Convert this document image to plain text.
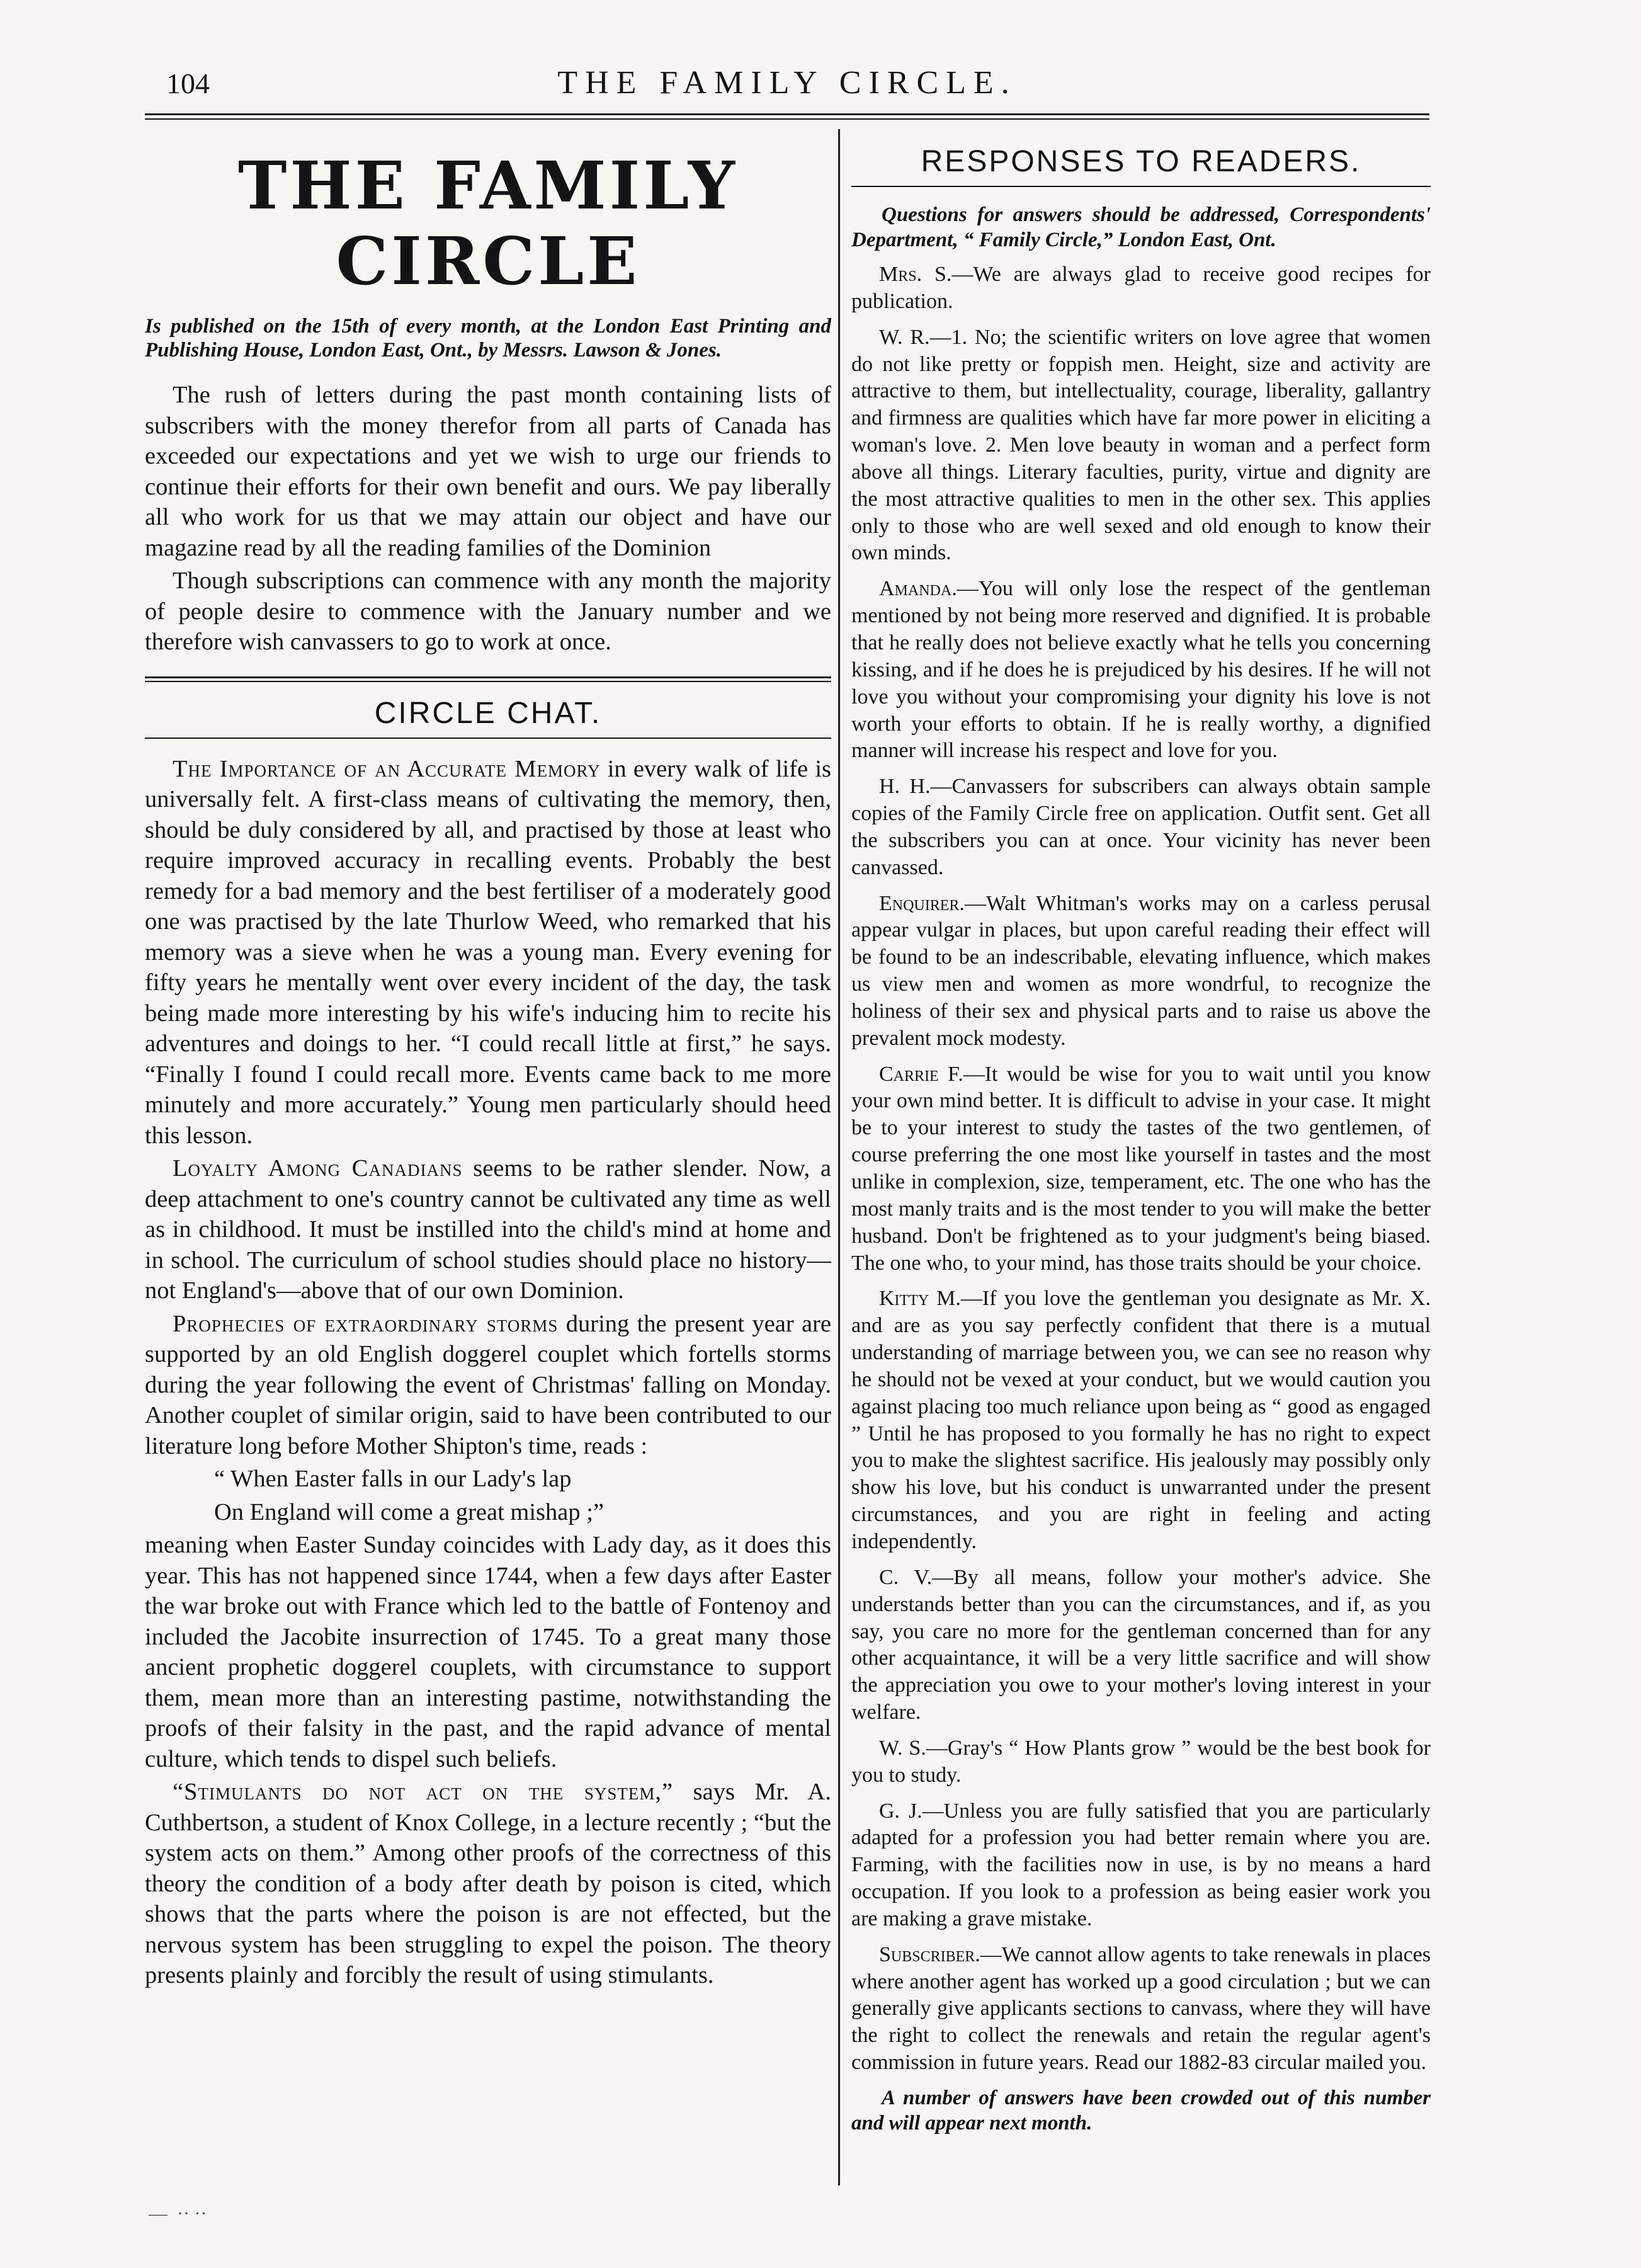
104	THE FAMILY CIRCLE.
THE FAMILY CIRCLE
Is published on the 15th of every month, at the London East Printing and Publishing House, London East, Ont., by Messrs. Lawson & Jones.

The rush of letters during the past month containing lists of subscribers with the money therefor from all parts of Canada has exceeded our expectations and yet we wish to urge our friends to continue their efforts for their own benefit and ours. We pay liberally all who work for us that we may attain our object and have our magazine read by all the reading families of the Dominion

Though subscriptions can commence with any month the majority of people desire to commence with the January number and we therefore wish canvassers to go to work at once.

CIRCLE CHAT.

The Importance of an Accurate Memory in every walk of life is universally felt. A first-class means of cultivating the memory, then, should be duly considered by all, and practised by those at least who require improved accuracy in recalling events. Probably the best remedy for a bad memory and the best fertiliser of a moderately good one was practised by the late Thurlow Weed, who remarked that his memory was a sieve when he was a young man. Every evening for fifty years he mentally went over every incident of the day, the task being made more interesting by his wife's inducing him to recite his adventures and doings to her. “I could recall little at first,” he says. “Finally I found I could recall more. Events came back to me more minutely and more accurately.” Young men particularly should heed this lesson.

Loyalty Among Canadians seems to be rather slender. Now, a deep attachment to one's country cannot be cultivated any time as well as in childhood. It must be instilled into the child's mind at home and in school. The curriculum of school studies should place no history—not England's—above that of our own Dominion.

Prophecies of extraordinary storms during the present year are supported by an old English doggerel couplet which fortells storms during the year following the event of Christmas' falling on Monday. Another couplet of similar origin, said to have been contributed to our literature long before Mother Shipton's time, reads :

“ When Easter falls in our Lady's lap

On England will come a great mishap ;”

meaning when Easter Sunday coincides with Lady day, as it does this year. This has not happened since 1744, when a few days after Easter the war broke out with France which led to the battle of Fontenoy and included the Jacobite insurrection of 1745. To a great many those ancient prophetic doggerel couplets, with circumstance to support them, mean more than an interesting pastime, notwithstanding the proofs of their falsity in the past, and the rapid advance of mental culture, which tends to dispel such beliefs.

“Stimulants do not act on the system,” says Mr. A. Cuthbertson, a student of Knox College, in a lecture recently ; “but the system acts on them.” Among other proofs of the correctness of this theory the condition of a body after death by poison is cited, which shows that the parts where the poison is are not effected, but the nervous system has been struggling to expel the poison. The theory presents plainly and forcibly the result of using stimulants.

RESPONSES TO READERS.

Questions for answers should be addressed, Correspondents' Department, “ Family Circle,” London East, Ont.

Mrs. S.—We are always glad to receive good recipes for publication.

W. R.—1. No; the scientific writers on love agree that women do not like pretty or foppish men. Height, size and activity are attractive to them, but intellectuality, courage, liberality, gallantry and firmness are qualities which have far more power in eliciting a woman's love. 2. Men love beauty in woman and a perfect form above all things. Literary faculties, purity, virtue and dignity are the most attractive qualities to men in the other sex. This applies only to those who are well sexed and old enough to know their own minds.

Amanda.—You will only lose the respect of the gentleman mentioned by not being more reserved and dignified. It is probable that he really does not believe exactly what he tells you concerning kissing, and if he does he is prejudiced by his desires. If he will not love you without your compromising your dignity his love is not worth your efforts to obtain. If he is really worthy, a dignified manner will increase his respect and love for you.

H. H.—Canvassers for subscribers can always obtain sample copies of the Family Circle free on application. Outfit sent. Get all the subscribers you can at once. Your vicinity has never been canvassed.

Enquirer.—Walt Whitman's works may on a carless perusal appear vulgar in places, but upon careful reading their effect will be found to be an indescribable, elevating influence, which makes us view men and women as more wondrful, to recognize the holiness of their sex and physical parts and to raise us above the prevalent mock modesty.

Carrie F.—It would be wise for you to wait until you know your own mind better. It is difficult to advise in your case. It might be to your interest to study the tastes of the two gentlemen, of course preferring the one most like yourself in tastes and the most unlike in complexion, size, temperament, etc. The one who has the most manly traits and is the most tender to you will make the better husband. Don't be frightened as to your judgment's being biased. The one who, to your mind, has those traits should be your choice.

Kitty M.—If you love the gentleman you designate as Mr. X. and are as you say perfectly confident that there is a mutual understanding of marriage between you, we can see no reason why he should not be vexed at your conduct, but we would caution you against placing too much reliance upon being as “ good as engaged ” Until he has proposed to you formally he has no right to expect you to make the slightest sacrifice. His jealously may possibly only show his love, but his conduct is unwarranted under the present circumstances, and you are right in feeling and acting independently.

C. V.—By all means, follow your mother's advice. She understands better than you can the circumstances, and if, as you say, you care no more for the gentleman concerned than for any other acquaintance, it will be a very little sacrifice and will show the appreciation you owe to your mother's loving interest in your welfare.

W. S.—Gray's “ How Plants grow ” would be the best book for you to study.

G. J.—Unless you are fully satisfied that you are particularly adapted for a profession you had better remain where you are. Farming, with the facilities now in use, is by no means a hard occupation. If you look to a profession as being easier work you are making a grave mistake.

Subscriber.—We cannot allow agents to take renewals in places where another agent has worked up a good circulation ; but we can generally give applicants sections to canvass, where they will have the right to collect the renewals and retain the regular agent's commission in future years. Read our 1882-83 circular mailed you.

A number of answers have been crowded out of this number and will appear next month.

—  ·· ··
